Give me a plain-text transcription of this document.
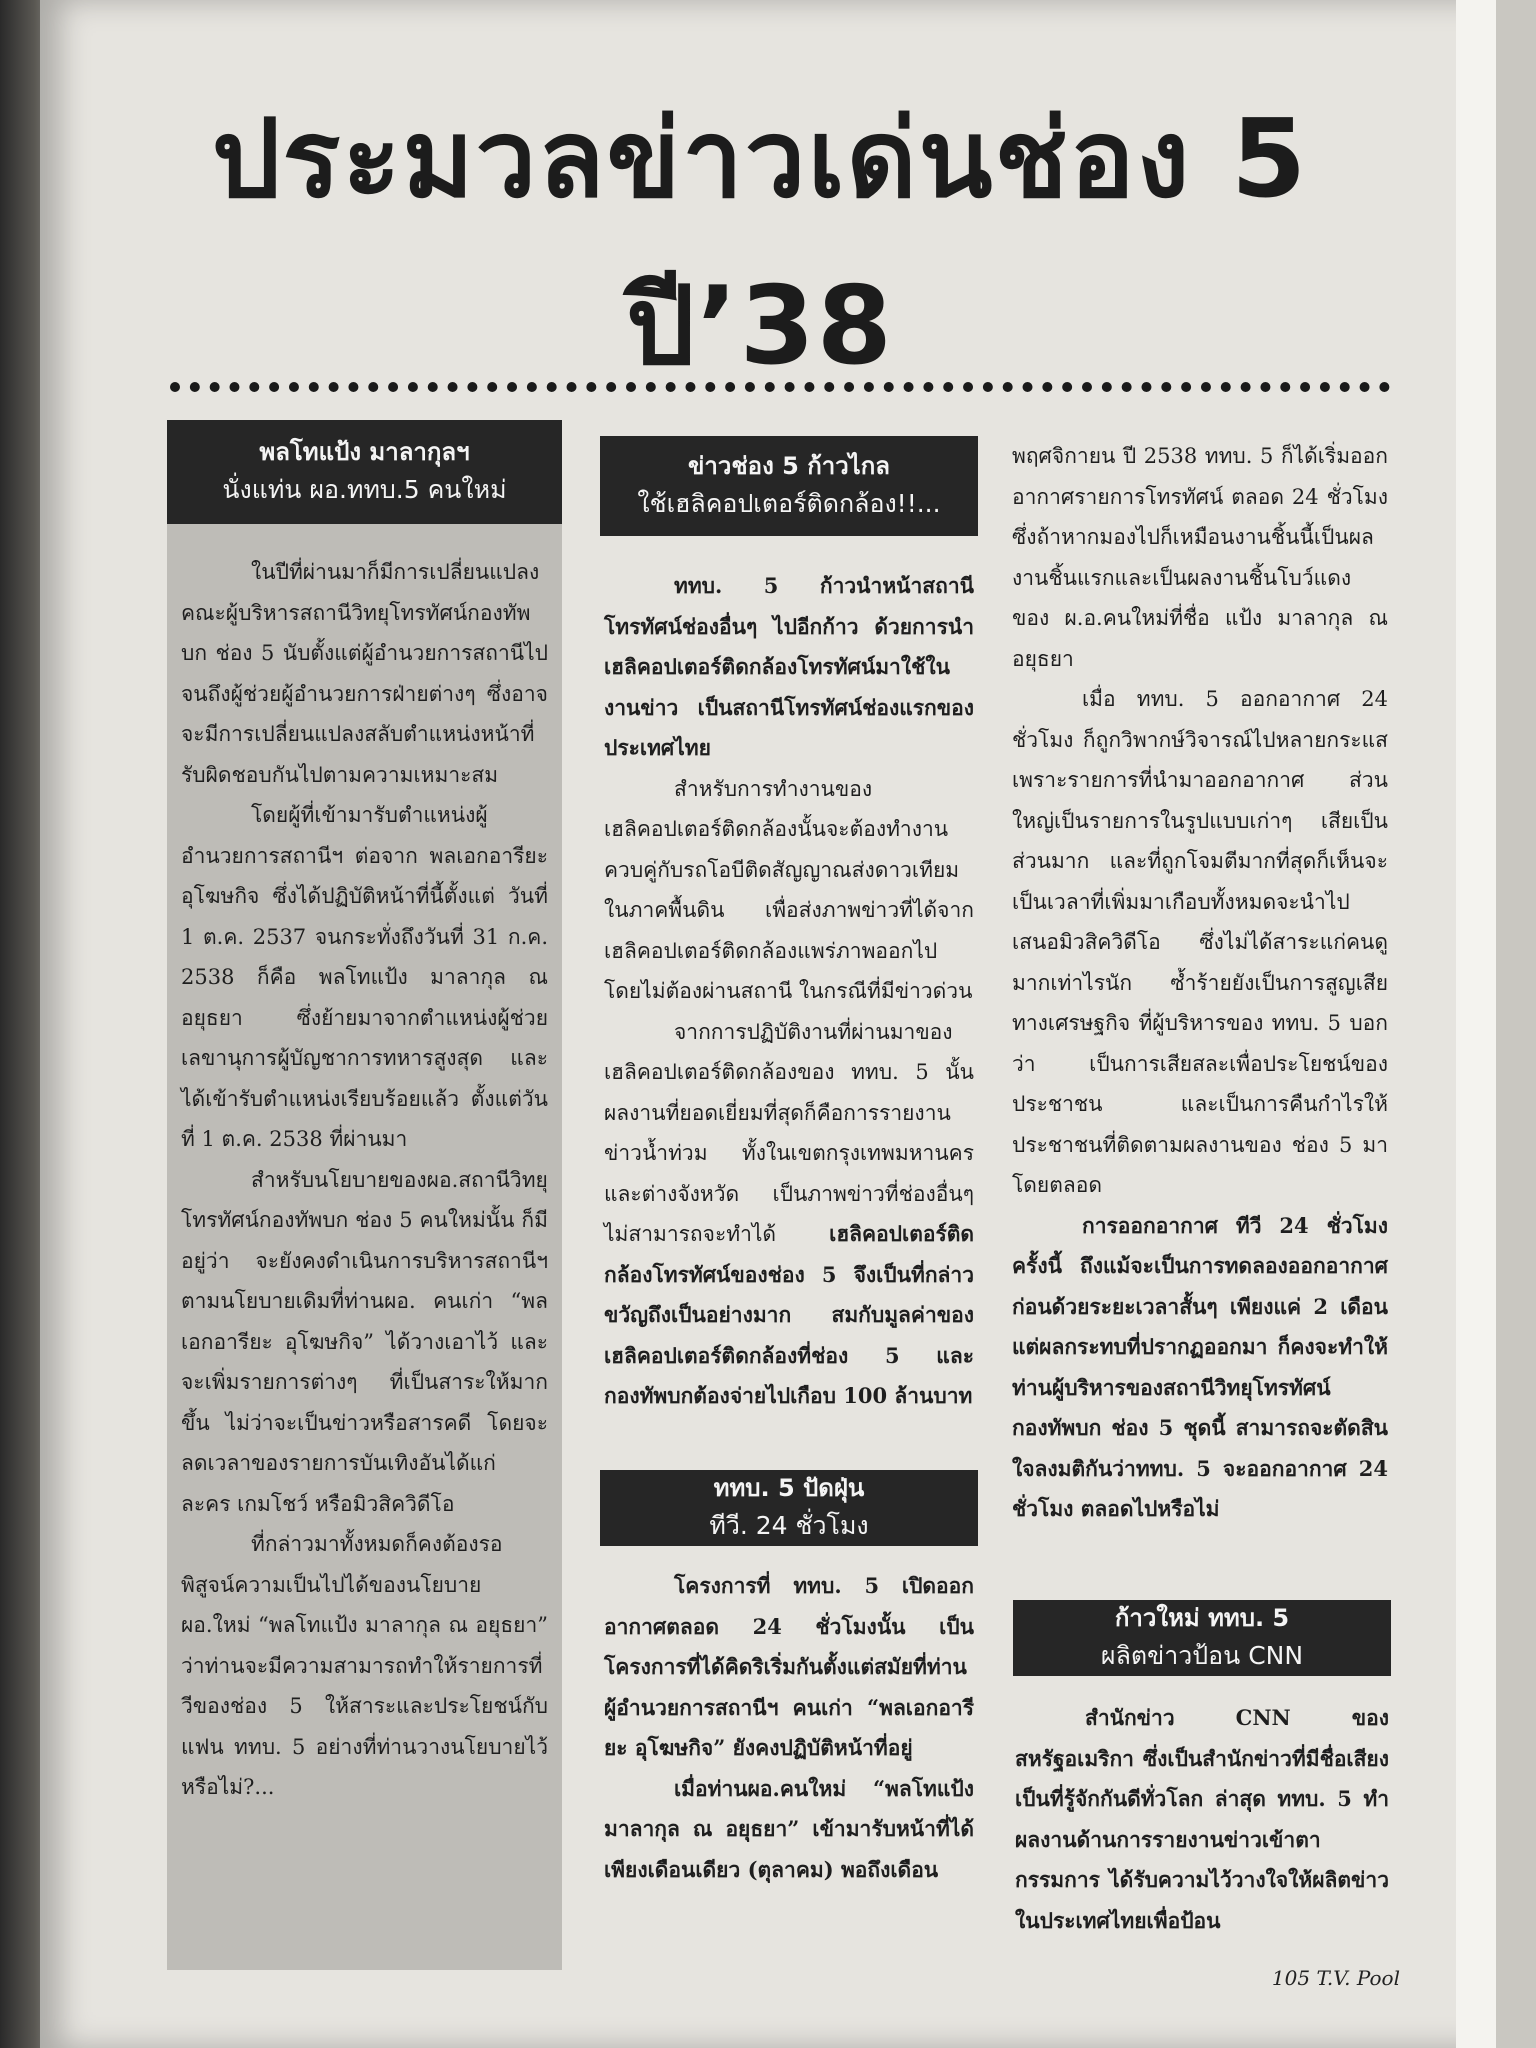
ประมวลข่าวเด่นช่อง 5
ปี’38
พลโทแป้ง มาลากุลฯ
นั่งแท่น ผอ.ททบ.5 คนใหม่

ในปีที่ผ่านมาก็มีการเปลี่ยนแปลงคณะผู้บริหารสถานีวิทยุโทรทัศน์กองทัพบก ช่อง 5 นับตั้งแต่ผู้อำนวยการสถานีไปจนถึงผู้ช่วยผู้อำนวยการฝ่ายต่างๆ ซึ่งอาจจะมีการเปลี่ยนแปลงสลับตำแหน่งหน้าที่รับผิดชอบกันไปตามความเหมาะสม

โดยผู้ที่เข้ามารับตำแหน่งผู้อำนวยการสถานีฯ ต่อจาก พลเอกอารียะ อุโฆษกิจ ซึ่งได้ปฏิบัติหน้าที่นี้ตั้งแต่ วันที่ 1 ต.ค. 2537 จนกระทั่งถึงวันที่ 31 ก.ค. 2538 ก็คือ พลโทแป้ง มาลากุล ณ อยุธยา ซึ่งย้ายมาจากตำแหน่งผู้ช่วยเลขานุการผู้บัญชาการทหารสูงสุด และได้เข้ารับตำแหน่งเรียบร้อยแล้ว ตั้งแต่วันที่ 1 ต.ค. 2538 ที่ผ่านมา

สำหรับนโยบายของผอ.สถานีวิทยุโทรทัศน์กองทัพบก ช่อง 5 คนใหม่นั้น ก็มีอยู่ว่า จะยังคงดำเนินการบริหารสถานีฯ ตามนโยบายเดิมที่ท่านผอ. คนเก่า “พลเอกอารียะ อุโฆษกิจ” ได้วางเอาไว้ และจะเพิ่มรายการต่างๆ ที่เป็นสาระให้มากขึ้น ไม่ว่าจะเป็นข่าวหรือสารคดี โดยจะลดเวลาของรายการบันเทิงอันได้แก่ ละคร เกมโชว์ หรือมิวสิควิดีโอ

ที่กล่าวมาทั้งหมดก็คงต้องรอพิสูจน์ความเป็นไปได้ของนโยบายผอ.ใหม่ “พลโทแป้ง มาลากุล ณ อยุธยา” ว่าท่านจะมีความสามารถทำให้รายการที่วีของช่อง 5 ให้สาระและประโยชน์กับแฟน ททบ. 5 อย่างที่ท่านวางนโยบายไว้หรือไม่?...

ข่าวช่อง 5 ก้าวไกล
ใช้เฮลิคอปเตอร์ติดกล้อง!!...

ททบ. 5 ก้าวนำหน้าสถานีโทรทัศน์ช่องอื่นๆ ไปอีกก้าว ด้วยการนำเฮลิคอปเตอร์ติดกล้องโทรทัศน์มาใช้ในงานข่าว เป็นสถานีโทรทัศน์ช่องแรกของประเทศไทย

สำหรับการทำงานของเฮลิคอปเตอร์ติดกล้องนั้นจะต้องทำงานควบคู่กับรถโอบีติดสัญญาณส่งดาวเทียมในภาคพื้นดิน เพื่อส่งภาพข่าวที่ได้จากเฮลิคอปเตอร์ติดกล้องแพร่ภาพออกไปโดยไม่ต้องผ่านสถานี ในกรณีที่มีข่าวด่วน

จากการปฏิบัติงานที่ผ่านมาของเฮลิคอปเตอร์ติดกล้องของ ททบ. 5 นั้น ผลงานที่ยอดเยี่ยมที่สุดก็คือการรายงานข่าวน้ำท่วม ทั้งในเขตกรุงเทพมหานคร และต่างจังหวัด เป็นภาพข่าวที่ช่องอื่นๆ ไม่สามารถจะทำได้	เฮลิคอปเตอร์ติดกล้องโทรทัศน์ของช่อง 5 จึงเป็นที่กล่าวขวัญถึงเป็นอย่างมาก สมกับมูลค่าของเฮลิคอปเตอร์ติดกล้องที่ช่อง 5 และกองทัพบกต้องจ่ายไปเกือบ 100 ล้านบาท

ททบ. 5 ปัดฝุ่น
ทีวี. 24 ชั่วโมง

โครงการที่ ททบ. 5 เปิดออกอากาศตลอด 24 ชั่วโมงนั้น เป็นโครงการที่ได้คิดริเริ่มกันตั้งแต่สมัยที่ท่านผู้อำนวยการสถานีฯ คนเก่า “พลเอกอารียะ อุโฆษกิจ” ยังคงปฏิบัติหน้าที่อยู่

เมื่อท่านผอ.คนใหม่ “พลโทแป้ง มาลากุล ณ อยุธยา” เข้ามารับหน้าที่ได้เพียงเดือนเดียว (ตุลาคม) พอถึงเดือน

พฤศจิกายน ปี 2538 ททบ. 5 ก็ได้เริ่มออกอากาศรายการโทรทัศน์ ตลอด 24 ชั่วโมง ซึ่งถ้าหากมองไปก็เหมือนงานชิ้นนี้เป็นผลงานชิ้นแรกและเป็นผลงานชิ้นโบว์แดงของ ผ.อ.คนใหม่ที่ชื่อ แป้ง มาลากุล ณ อยุธยา

เมื่อ ททบ. 5 ออกอากาศ 24 ชั่วโมง ก็ถูกวิพากษ์วิจารณ์ไปหลายกระแส เพราะรายการที่นำมาออกอากาศ ส่วนใหญ่เป็นรายการในรูปแบบเก่าๆ เสียเป็นส่วนมาก และที่ถูกโจมตีมากที่สุดก็เห็นจะเป็นเวลาที่เพิ่มมาเกือบทั้งหมดจะนำไปเสนอมิวสิควิดีโอ ซึ่งไม่ได้สาระแก่คนดูมากเท่าไรนัก ซ้ำร้ายยังเป็นการสูญเสียทางเศรษฐกิจ ที่ผู้บริหารของ ททบ. 5 บอกว่า เป็นการเสียสละเพื่อประโยชน์ของประชาชน และเป็นการคืนกำไรให้ประชาชนที่ติดตามผลงานของ ช่อง 5 มาโดยตลอด

การออกอากาศ ทีวี 24 ชั่วโมง ครั้งนี้ ถึงแม้จะเป็นการทดลองออกอากาศก่อนด้วยระยะเวลาสั้นๆ เพียงแค่ 2 เดือน แต่ผลกระทบที่ปรากฏออกมา ก็คงจะทำให้ท่านผู้บริหารของสถานีวิทยุโทรทัศน์กองทัพบก ช่อง 5 ชุดนี้ สามารถจะตัดสินใจลงมติกันว่าททบ. 5 จะออกอากาศ 24 ชั่วโมง ตลอดไปหรือไม่

ก้าวใหม่ ททบ. 5
ผลิตข่าวป้อน CNN

สำนักข่าว CNN ของสหรัฐอเมริกา ซึ่งเป็นสำนักข่าวที่มีชื่อเสียงเป็นที่รู้จักกันดีทั่วโลก ล่าสุด ททบ. 5 ทำผลงานด้านการรายงานข่าวเข้าตากรรมการ ได้รับความไว้วางใจให้ผลิตข่าวในประเทศไทยเพื่อป้อน

105 T.V. Pool
